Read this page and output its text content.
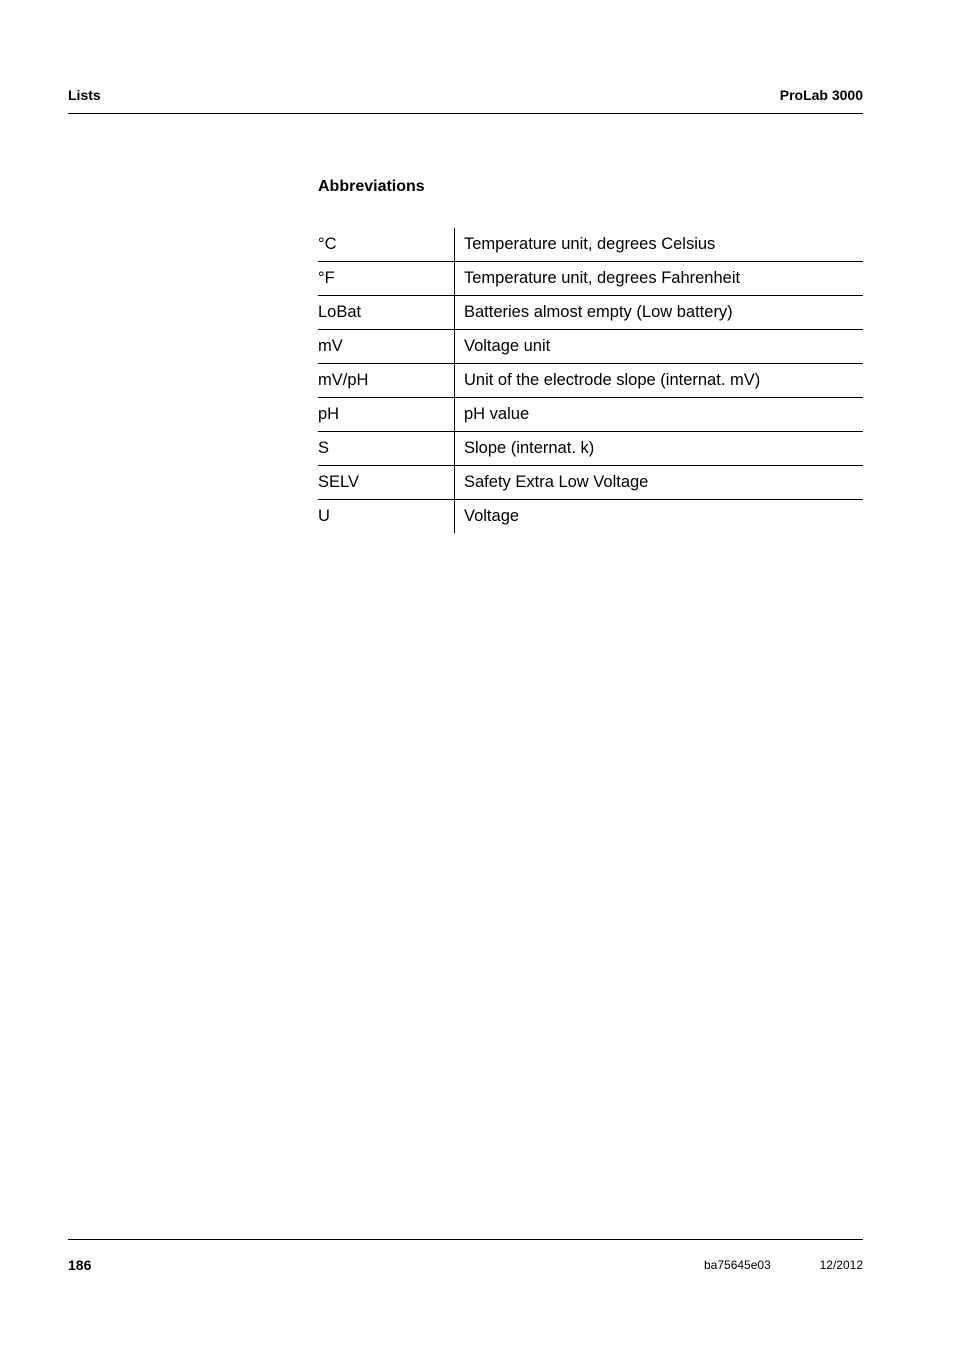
Lists	ProLab 3000
Abbreviations
°C	Temperature unit, degrees Celsius
°F	Temperature unit, degrees Fahrenheit
LoBat	Batteries almost empty (Low battery)
mV	Voltage unit
mV/pH	Unit of the electrode slope (internat. mV)
pH	pH value
S	Slope (internat. k)
SELV	Safety Extra Low Voltage
U	Voltage
186	ba75645e03	12/2012
